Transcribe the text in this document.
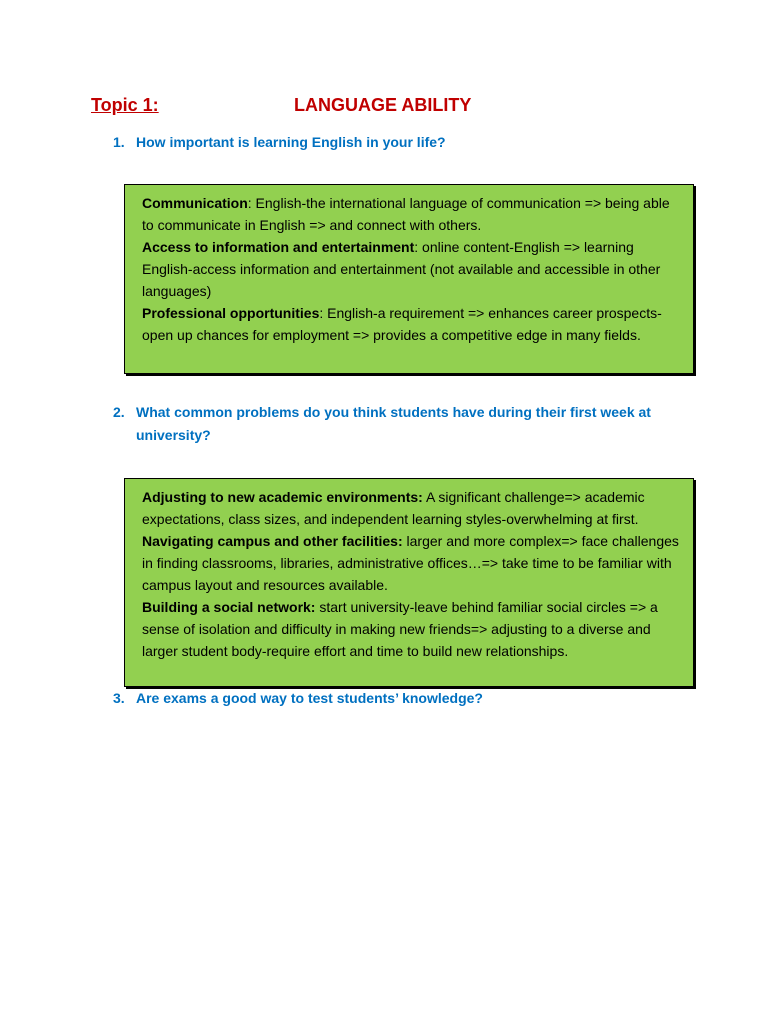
Topic 1:	LANGUAGE ABILITY
1. How important is learning English in your life?

Communication: English-the international language of communication => being able to communicate in English => and connect with others.

Access to information and entertainment: online content-English => learning English-access information and entertainment (not available and accessible in other languages)

Professional opportunities: English-a requirement => enhances career prospects-open up chances for employment => provides a competitive edge in many fields.

2. What common problems do you think students have during their first week at university?

Adjusting to new academic environments: A significant challenge=> academic expectations, class sizes, and independent learning styles-overwhelming at first.

Navigating campus and other facilities: larger and more complex=> face challenges in finding classrooms, libraries, administrative offices…=> take time to be familiar with campus layout and resources available.

Building a social network: start university-leave behind familiar social circles => a sense of isolation and difficulty in making new friends=> adjusting to a diverse and larger student body-require effort and time to build new relationships.

3. Are exams a good way to test students’ knowledge?
